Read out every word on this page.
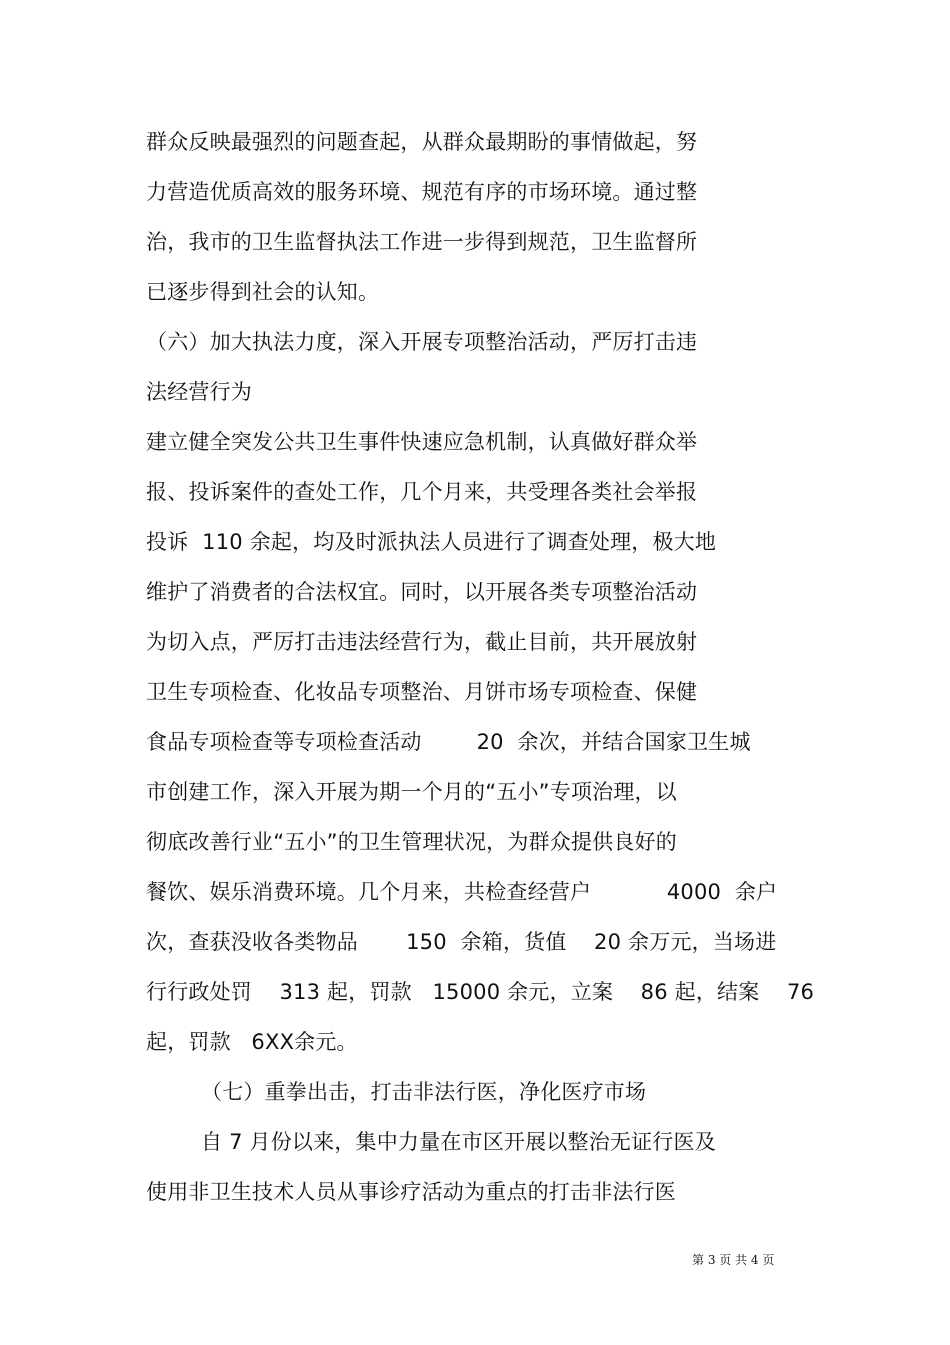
群众反映最强烈的问题查起，从群众最期盼的事情做起，努
力营造优质高效的服务环境、规范有序的市场环境。通过整
治，我市的卫生监督执法工作进一步得到规范，卫生监督所
已逐步得到社会的认知。
（六）加大执法力度，深入开展专项整治活动，严厉打击违
法经营行为
建立健全突发公共卫生事件快速应急机制，认真做好群众举
报、投诉案件的查处工作，几个月来，共受理各类社会举报
投诉  110 余起，均及时派执法人员进行了调查处理，极大地
维护了消费者的合法权宜。同时，以开展各类专项整治活动
为切入点，严厉打击违法经营行为，截止目前，共开展放射
卫生专项检查、化妆品专项整治、月饼市场专项检查、保健
食品专项检查等专项检查活动        20  余次，并结合国家卫生城
市创建工作，深入开展为期一个月的“五小”专项治理，以
彻底改善行业“五小”的卫生管理状况，为群众提供良好的
餐饮、娱乐消费环境。几个月来，共检查经营户           4000  余户
次，查获没收各类物品       150  余箱，货值    20 余万元，当场进
行行政处罚    313 起，罚款   15000 余元，立案    86 起，结案    76
起，罚款   6XX余元。
（七）重拳出击，打击非法行医，净化医疗市场
自 7 月份以来，集中力量在市区开展以整治无证行医及
使用非卫生技术人员从事诊疗活动为重点的打击非法行医
第 3 页 共 4 页
